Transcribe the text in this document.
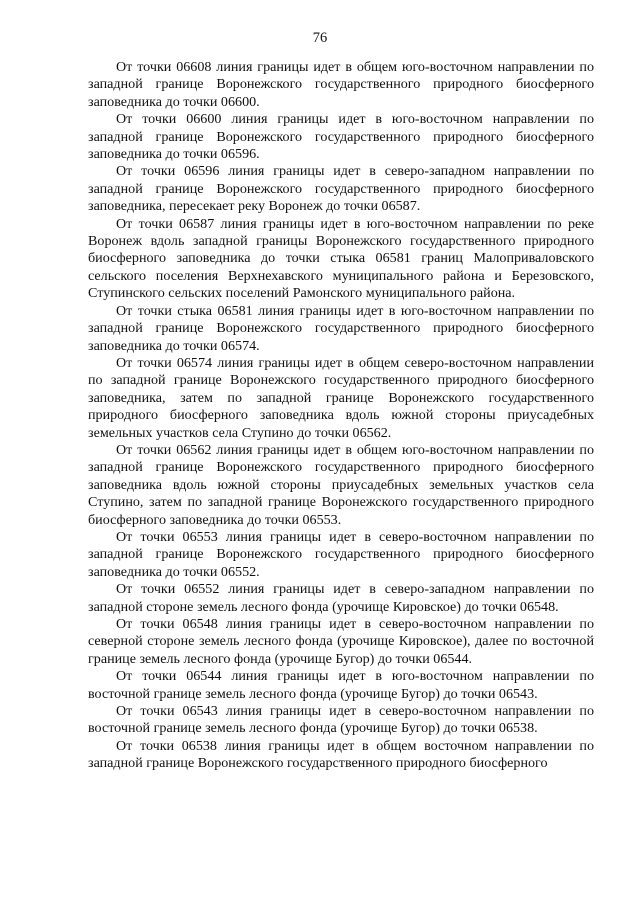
76

От точки 06608 линия границы идет в общем юго-восточном направлении по западной границе Воронежского государственного природного биосферного заповедника до точки 06600.

От точки 06600 линия границы идет в юго-восточном направлении по западной границе Воронежского государственного природного биосферного заповедника до точки 06596.

От точки 06596 линия границы идет в северо-западном направлении по западной границе Воронежского государственного природного биосферного заповедника, пересекает реку Воронеж до точки 06587.

От точки 06587 линия границы идет в юго-восточном направлении по реке Воронеж вдоль западной границы Воронежского государственного природного биосферного заповедника до точки стыка 06581 границ Малоприваловского сельского поселения Верхнехавского муниципального района и Березовского, Ступинского сельских поселений Рамонского муниципального района.

От точки стыка 06581 линия границы идет в юго-восточном направлении по западной границе Воронежского государственного природного биосферного заповедника до точки 06574.

От точки 06574 линия границы идет в общем северо-восточном направлении по западной границе Воронежского государственного природного биосферного заповедника, затем по западной границе Воронежского государственного природного биосферного заповедника вдоль южной стороны приусадебных земельных участков села Ступино до точки 06562.

От точки 06562 линия границы идет в общем юго-восточном направлении по западной границе Воронежского государственного природного биосферного заповедника вдоль южной стороны приусадебных земельных участков села Ступино, затем по западной границе Воронежского государственного природного биосферного заповедника до точки 06553.

От точки 06553 линия границы идет в северо-восточном направлении по западной границе Воронежского государственного природного биосферного заповедника до точки 06552.

От точки 06552 линия границы идет в северо-западном направлении по западной стороне земель лесного фонда (урочище Кировское) до точки 06548.

От точки 06548 линия границы идет в северо-восточном направлении по северной стороне земель лесного фонда (урочище Кировское), далее по восточной границе земель лесного фонда (урочище Бугор) до точки 06544.

От точки 06544 линия границы идет в юго-восточном направлении по восточной границе земель лесного фонда (урочище Бугор) до точки 06543.

От точки 06543 линия границы идет в северо-восточном направлении по восточной границе земель лесного фонда (урочище Бугор) до точки 06538.

От точки 06538 линия границы идет в общем восточном направлении по западной границе Воронежского государственного природного биосферного
